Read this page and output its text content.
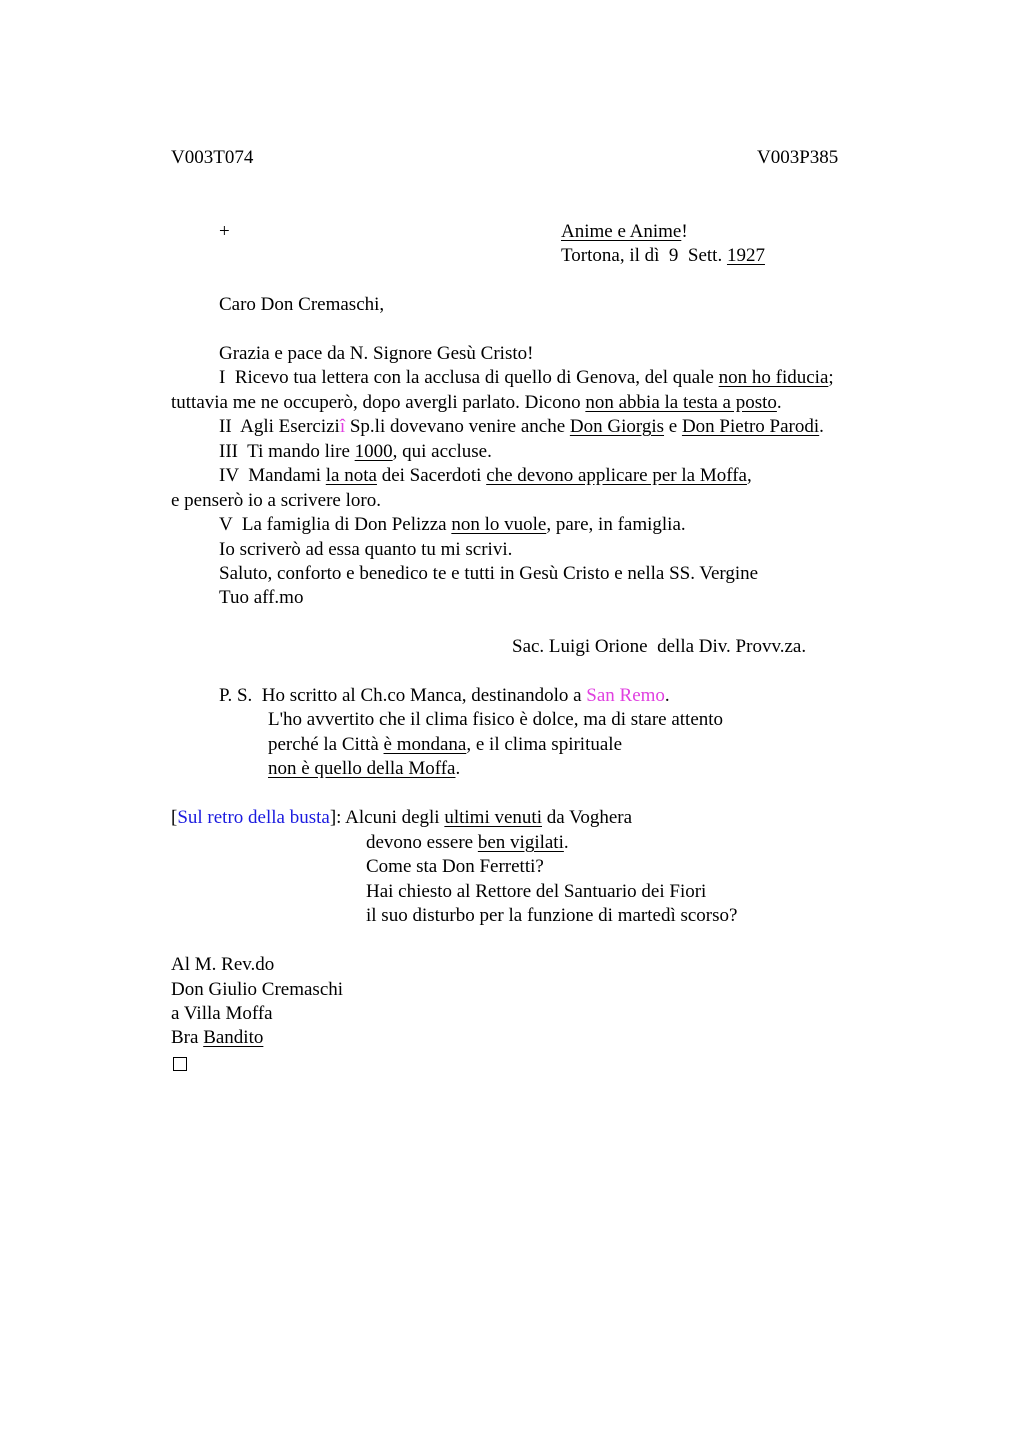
V003T074	V003P385
+	Anime e Anime!
Tortona, il dì  9  Sett. 1927
Caro Don Cremaschi,
Grazia e pace da N. Signore Gesù Cristo!
I  Ricevo tua lettera con la acclusa di quello di Genova, del quale non ho fiducia;
tuttavia me ne occuperò, dopo avergli parlato. Dicono non abbia la testa a posto.
II  Agli Eserciziî Sp.li dovevano venire anche Don Giorgis e Don Pietro Parodi.
III  Ti mando lire 1000, qui accluse.
IV  Mandami la nota dei Sacerdoti che devono applicare per la Moffa,
e penserò io a scrivere loro.
V  La famiglia di Don Pelizza non lo vuole, pare, in famiglia.
Io scriverò ad essa quanto tu mi scrivi.
Saluto, conforto e benedico te e tutti in Gesù Cristo e nella SS. Vergine
Tuo aff.mo
Sac. Luigi Orione  della Div. Provv.za.
P. S.  Ho scritto al Ch.co Manca, destinandolo a San Remo.
L'ho avvertito che il clima fisico è dolce, ma di stare attento
perché la Città è mondana, e il clima spirituale
non è quello della Moffa.
[Sul retro della busta]: Alcuni degli ultimi venuti da Voghera
devono essere ben vigilati.
Come sta Don Ferretti?
Hai chiesto al Rettore del Santuario dei Fiori
il suo disturbo per la funzione di martedì scorso?
Al M. Rev.do
Don Giulio Cremaschi
a Villa Moffa
Bra Bandito
